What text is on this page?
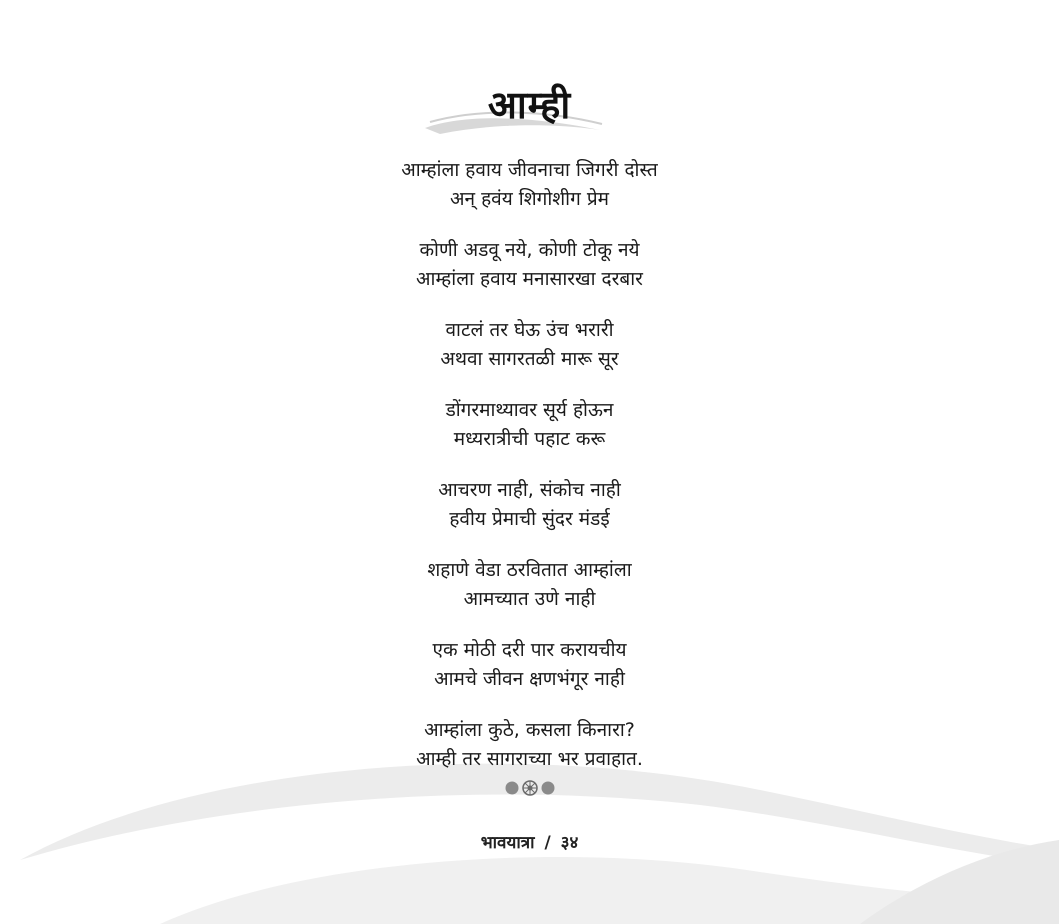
आम्ही
आम्हांला हवाय जीवनाचा जिगरी दोस्त
अन् हवंय शिगोशीग प्रेम
कोणी अडवू नये, कोणी टोकू नये
आम्हांला हवाय मनासारखा दरबार
वाटलं तर घेऊ उंच भरारी
अथवा सागरतळी मारू सूर
डोंगरमाथ्यावर सूर्य होऊन
मध्यरात्रीची पहाट करू
आचरण नाही, संकोच नाही
हवीय प्रेमाची सुंदर मंडई
शहाणे वेडा ठरवितात आम्हांला
आमच्यात उणे नाही
एक मोठी दरी पार करायचीय
आमचे जीवन क्षणभंगूर नाही
आम्हांला कुठे, कसला किनारा?
आम्ही तर सागराच्या भर प्रवाहात.
भावयात्रा / ३४
